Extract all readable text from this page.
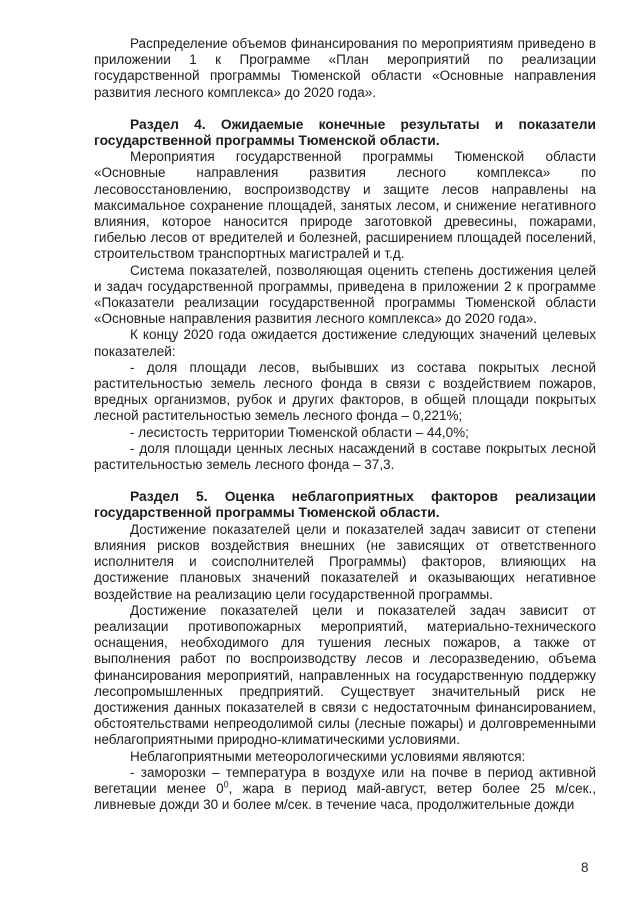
Распределение объемов финансирования по мероприятиям приведено в приложении 1 к Программе «План мероприятий по реализации государственной программы Тюменской области «Основные направления развития лесного комплекса» до 2020 года».

Раздел 4. Ожидаемые конечные результаты и показатели государственной программы Тюменской области.

Мероприятия государственной программы Тюменской области «Основные направления развития лесного комплекса» по лесовосстановлению, воспроизводству и защите лесов направлены на максимальное сохранение площадей, занятых лесом, и снижение негативного влияния, которое наносится природе заготовкой древесины, пожарами, гибелью лесов от вредителей и болезней, расширением площадей поселений, строительством транспортных магистралей и т.д.

Система показателей, позволяющая оценить степень достижения целей и задач государственной программы, приведена в приложении 2 к программе «Показатели реализации государственной программы Тюменской области «Основные направления развития лесного комплекса» до 2020 года».

К концу 2020 года ожидается достижение следующих значений целевых показателей:

- доля площади лесов, выбывших из состава покрытых лесной растительностью земель лесного фонда в связи с воздействием пожаров, вредных организмов, рубок и других факторов, в общей площади покрытых лесной растительностью земель лесного фонда – 0,221%;

- лесистость территории Тюменской области – 44,0%;

- доля площади ценных лесных насаждений в составе покрытых лесной растительностью земель лесного фонда – 37,3.

Раздел 5. Оценка неблагоприятных факторов реализации государственной программы Тюменской области.

Достижение показателей цели и показателей задач зависит от степени влияния рисков воздействия внешних (не зависящих от ответственного исполнителя и соисполнителей Программы) факторов, влияющих на достижение плановых значений показателей и оказывающих негативное воздействие на реализацию цели государственной программы.

Достижение показателей цели и показателей задач зависит от реализации противопожарных мероприятий, материально-технического оснащения, необходимого для тушения лесных пожаров, а также от выполнения работ по воспроизводству лесов и лесоразведению, объема финансирования мероприятий, направленных на государственную поддержку лесопромышленных предприятий. Существует значительный риск не достижения данных показателей в связи с недостаточным финансированием, обстоятельствами непреодолимой силы (лесные пожары) и долговременными неблагоприятными природно-климатическими условиями.

Неблагоприятными метеорологическими условиями являются:

- заморозки – температура в воздухе или на почве в период активной вегетации менее $0^0$, жара в период май-август, ветер более 25 м/сек., ливневые дожди 30 и более м/сек. в течение часа, продолжительные дожди

8
